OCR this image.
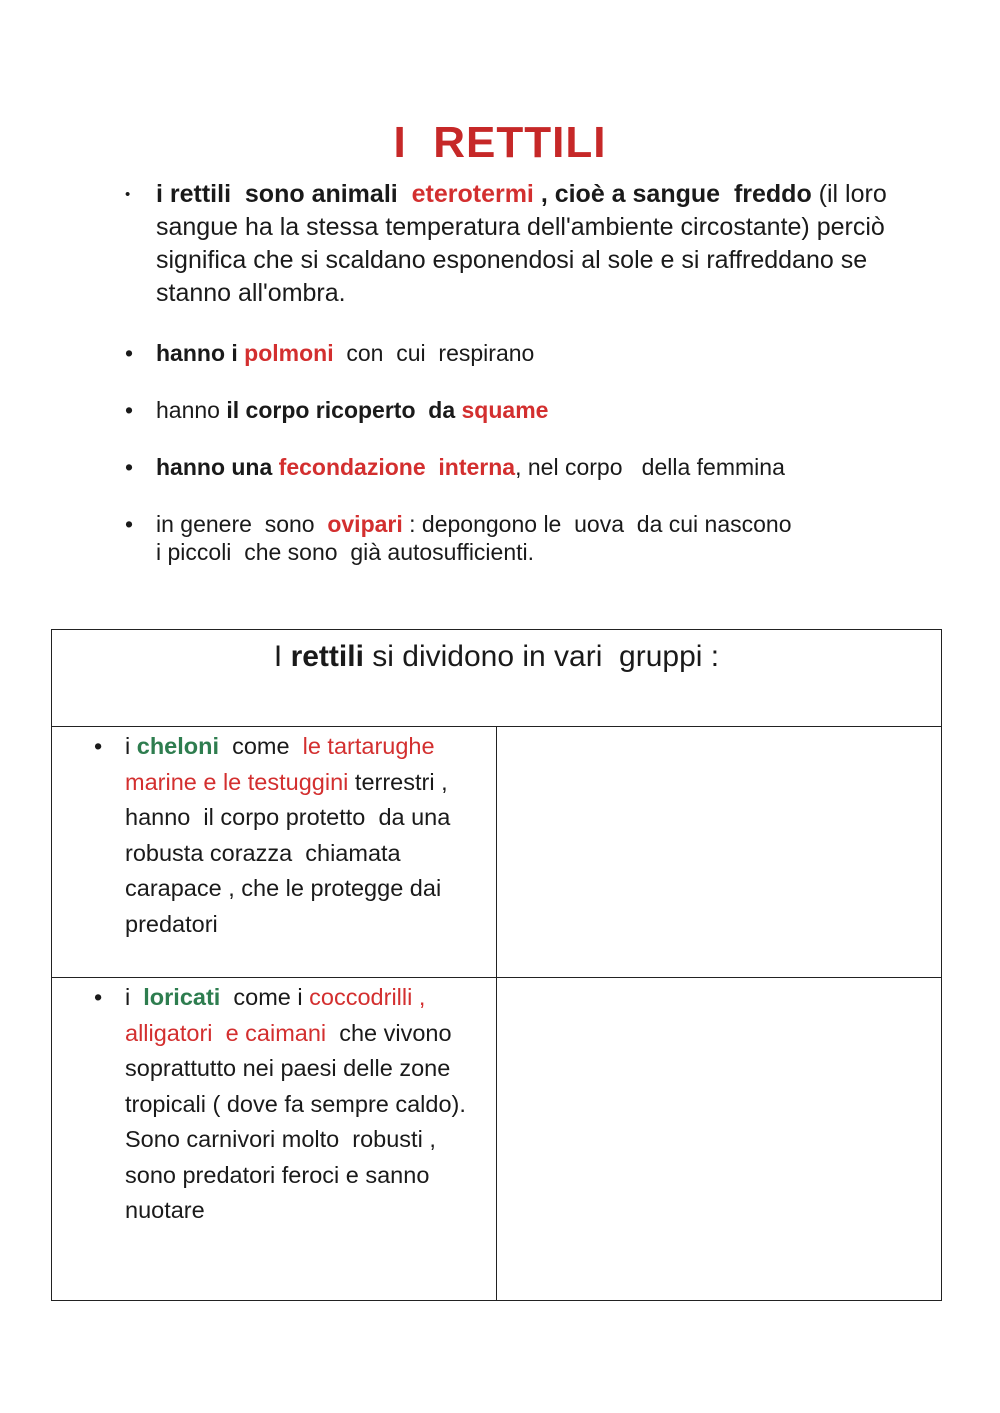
I  RETTILI
• i rettili  sono animali  eterotermi , cioè a sangue  freddo (il loro sangue ha la stessa temperatura dell'ambiente circostante) perciò   significa che si scaldano esponendosi al sole e si raffreddano se stanno all'ombra.
• hanno i polmoni  con  cui  respirano
• hanno il corpo ricoperto  da squame
• hanno una fecondazione  interna, nel corpo   della femmina
• in genere  sono  ovipari : depongono le  uova  da cui nascono
i piccoli  che sono  già autosufficienti.
I rettili si dividono in vari  gruppi :	

• i cheloni  come  le tartarughe marine e le testuggini terrestri , hanno  il corpo protetto  da una robusta corazza  chiamata carapace , che le protegge dai  predatori

• i  loricati  come i coccodrilli , alligatori  e caimani  che vivono soprattutto nei paesi delle zone tropicali ( dove fa sempre caldo).   Sono carnivori molto  robusti , sono predatori feroci e sanno nuotare
